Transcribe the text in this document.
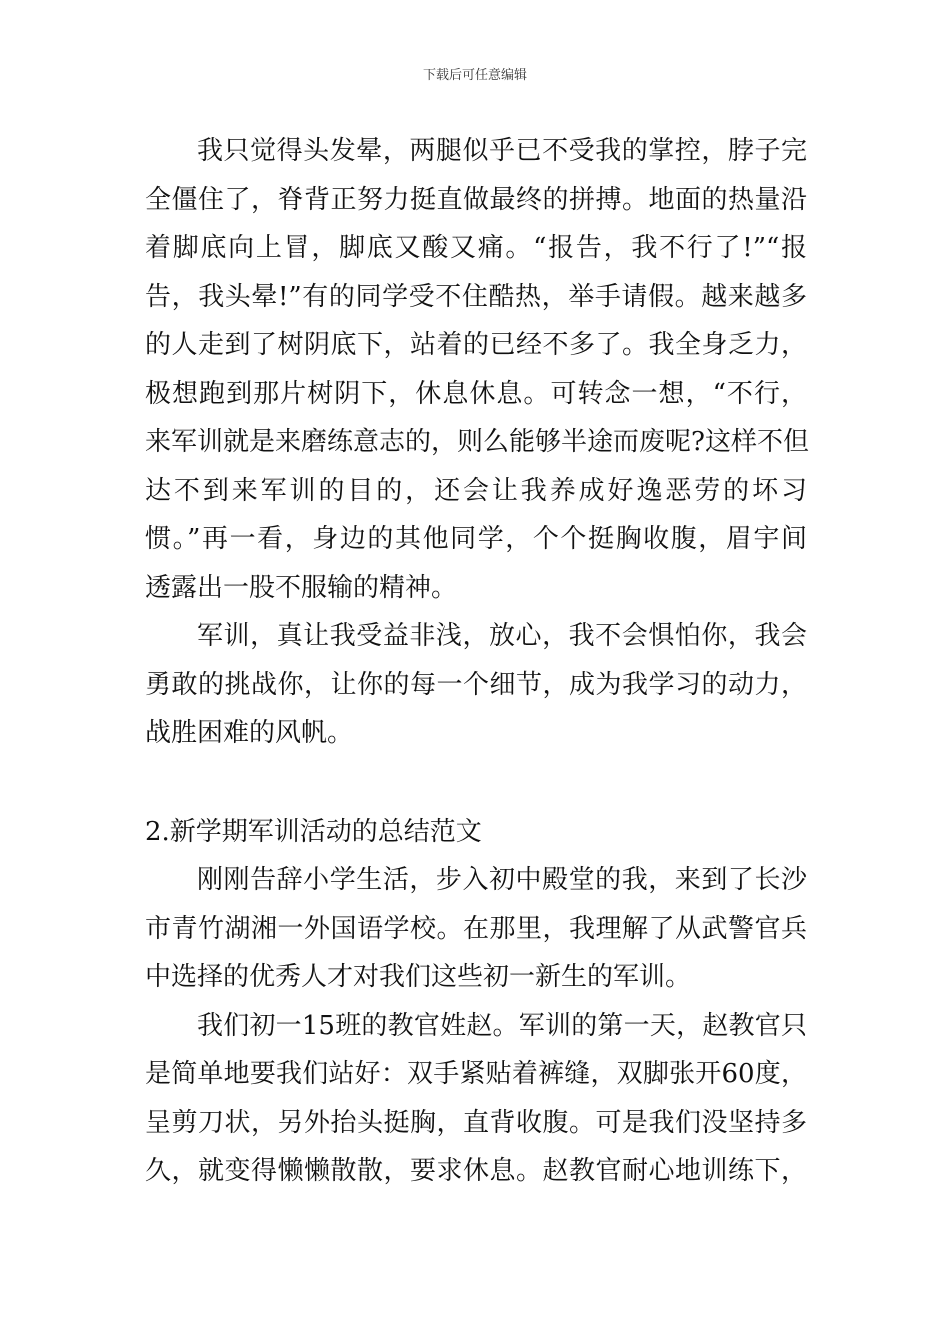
下载后可任意编辑
我只觉得头发晕，两腿似乎已不受我的掌控，脖子完
全僵住了，脊背正努力挺直做最终的拼搏。地面的热量沿
着脚底向上冒，脚底又酸又痛。“报告，我不行了!”“报
告，我头晕!”有的同学受不住酷热，举手请假。越来越多
的人走到了树阴底下，站着的已经不多了。我全身乏力，
极想跑到那片树阴下，休息休息。可转念一想，“不行，
来军训就是来磨练意志的，则么能够半途而废呢?这样不但
达不到来军训的目的，还会让我养成好逸恶劳的坏习
惯。”再一看，身边的其他同学，个个挺胸收腹，眉宇间
透露出一股不服输的精神。
军训，真让我受益非浅，放心，我不会惧怕你，我会
勇敢的挑战你，让你的每一个细节，成为我学习的动力，
战胜困难的风帆。
2.新学期军训活动的总结范文
刚刚告辞小学生活，步入初中殿堂的我，来到了长沙
市青竹湖湘一外国语学校。在那里，我理解了从武警官兵
中选择的优秀人才对我们这些初一新生的军训。
我们初一15班的教官姓赵。军训的第一天，赵教官只
是简单地要我们站好：双手紧贴着裤缝，双脚张开60度，
呈剪刀状，另外抬头挺胸，直背收腹。可是我们没坚持多
久，就变得懒懒散散，要求休息。赵教官耐心地训练下，
